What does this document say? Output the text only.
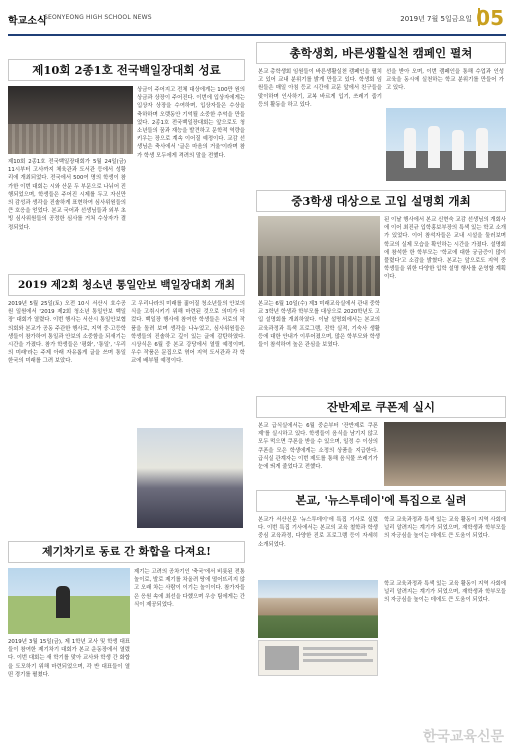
학교소식
SEONYEONG HIGH SCHOOL NEWS	2019년 7월 5일금요일 05
제10회 2종1호 전국백일장대회 성료
제10회 2종1호 전국백일장대회가 5월 24일(금) 11시부터 고사까지 체육관과 도서관 등에서 성황리에 개최되었다. 전국에서 500여 명의 학생이 참가한 이번 대회는 시와 산문 두 부문으로 나뉘어 진행되었으며, 학생들은 주어진 시제를 두고 자신만의 감성과 생각을 진솔하게 표현하여 심사위원들의 큰 호응을 얻었다. 본교 국어과 선생님들과 외부 초빙 심사위원들의 공정한 심사를 거쳐 수상자가 결정되었다.
상금이 주어지고 전체 대상에게는 100만 원의 상금과 상장이 주어진다. 이번에 입상자에게는 입상자 상장을 수여하며, 입상자들은 수상을 축하하며 오랫동안 기억될 소중한 추억을 만들었다. 2종1호 전국백일장대회는 앞으로도 청소년들의 꿈과 재능을 발견하고 문학적 역량을 키우는 장으로 계속 이어질 예정이다. 교감 선생님은 축사에서 '글은 마음의 거울'이라며 참가 학생 모두에게 격려의 말을 전했다.
2019 제2회 청소년 통일안보 백일장대회 개최
2019년 5월 25일(토) 오전 10시 서산시 호수공원 일원에서 '2019 제2회 청소년 통일안보 백일장' 대회가 열렸다. 이번 행사는 서산시 통일안보협의회와 본교가 공동 주관한 행사로, 지역 중·고등학생들이 참가하여 통일과 안보의 소중함을 되새기는 시간을 가졌다. 참가 학생들은 '평화', '통일', '우리의 미래'라는 주제 아래 자유롭게 글을 쓰며 통일 한국의 미래를 그려 보았다.
고 우리나라의 미래를 짊어질 청소년들의 안보의식을 고취시키기 위해 마련된 것으로 의미가 더 컸다. 백일장 행사에 참여한 학생들은 서로의 작품을 돌려 보며 생각을 나누었고, 심사위원들은 학생들의 진솔하고 깊이 있는 글에 감탄하였다. 시상식은 6월 중 본교 강당에서 열릴 예정이며, 우수 작품은 문집으로 엮어 지역 도서관과 각 학교에 배부될 예정이다.
총학생회, 바른생활실천 캠페인 펼쳐
본교 총학생회 임원들이 바른생활실천 캠페인을 펼치고 있어 교내 분위기를 밝게 만들고 있다. 학생회 임원들은 매일 아침 등교 시간에 교문 앞에서 친구들을 맞이하며 인사하기, 교복 바르게 입기, 쓰레기 줍기 등의 활동을 하고 있다.
선을 받아 오며, 이번 캠페인을 통해 수업과 인성 교육을 동시에 실천하는 학교 분위기를 만들어 가고 있다.
중3학생 대상으로 고입 설명회 개최
본교는 6월 10일(수) 제3 미래교육실에서 관내 중학교 3학년 학생과 학부모를 대상으로 2020학년도 고입 설명회를 개최하였다. 이날 설명회에서는 본교의 교육과정과 특색 프로그램, 진학 실적, 기숙사 생활 등에 대한 안내가 이루어졌으며, 많은 학부모와 학생들이 참석하여 높은 관심을 보였다.
된 이날 행사에서 본교 신현숙 교감 선생님의 개회사에 이어 최진규 입학홍보부장의 특색 있는 학교 소개가 있었다. 이어 참석자들은 교내 시설을 둘러보며 학교의 실제 모습을 확인하는 시간을 가졌다. 설명회에 참석한 한 학부모는 '학교에 대한 궁금증이 많이 풀렸다'고 소감을 밝혔다. 본교는 앞으로도 지역 중학생들을 위한 다양한 입학 설명 행사를 운영할 계획이다.
잔반제로 쿠폰제 실시
본교 급식실에서는 6월 중순부터 '잔반제로 쿠폰제'를 실시하고 있다. 학생들이 음식을 남기지 않고 모두 먹으면 쿠폰을 받을 수 있으며, 일정 수 이상의 쿠폰을 모은 학생에게는 소정의 상품을 지급한다. 급식실 관계자는 이번 제도를 통해 음식물 쓰레기가 눈에 띄게 줄었다고 전했다.
본교, '뉴스투데이'에 특집으로 실려
본교가 서산신문 '뉴스투데이'에 특집 기사로 실렸다. 이번 특집 기사에서는 본교의 교육 철학과 학생 중심 교육과정, 다양한 진로 프로그램 등이 자세히 소개되었다.
학교 교육과정과 특색 있는 교육 활동이 지역 사회에 널리 알려지는 계기가 되었으며, 재학생과 학부모들의 자긍심을 높이는 데에도 큰 도움이 되었다.
학교 교육과정과 특색 있는 교육 활동이 지역 사회에 널리 알려지는 계기가 되었으며, 재학생과 학부모들의 자긍심을 높이는 데에도 큰 도움이 되었다.
제기차기로 동료 간 화합을 다져요!
2019년 3월 15일(금), 제 1학년 교사 및 학생 대표들이 참여한 제기차기 대회가 본교 운동장에서 열렸다. 이번 대회는 새 학기를 맞아 교사와 학생 간 화합을 도모하기 위해 마련되었으며, 각 반 대표들이 열띤 경기를 펼쳤다.
제기는 고려의 공차기인 '축국'에서 비롯된 전통 놀이로, 발로 제기를 차올려 땅에 떨어뜨리지 않고 오래 차는 사람이 이기는 놀이이다. 참가자들은 응원 속에 최선을 다했으며 우승 팀에게는 간식이 제공되었다.
한국교육신문
